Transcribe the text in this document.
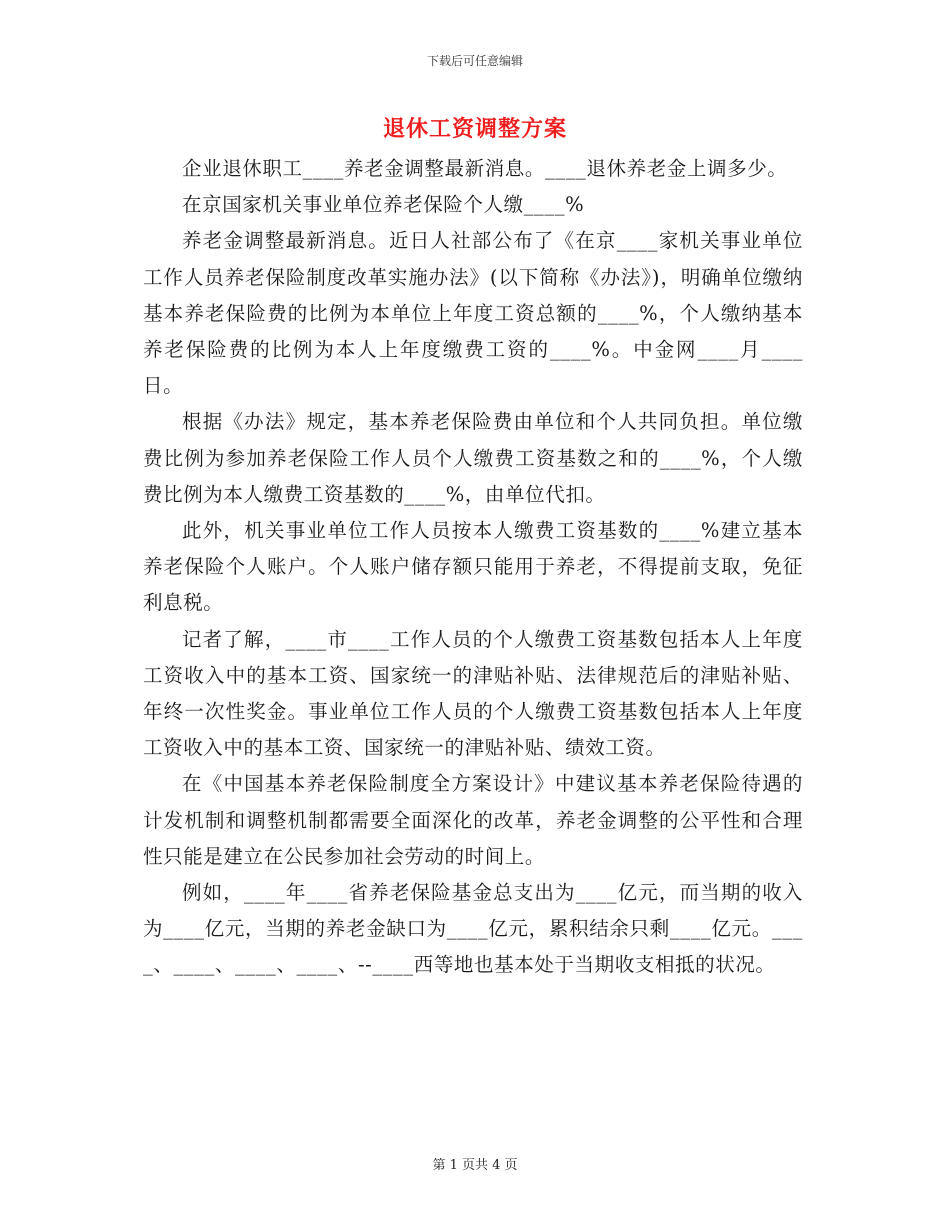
下载后可任意编辑
退休工资调整方案

企业退休职工____养老金调整最新消息。____退休养老金上调多少。

在京国家机关事业单位养老保险个人缴____%

养老金调整最新消息。近日人社部公布了《在京____家机关事业单位工作人员养老保险制度改革实施办法》(以下简称《办法》)，明确单位缴纳基本养老保险费的比例为本单位上年度工资总额的____%，个人缴纳基本养老保险费的比例为本人上年度缴费工资的____%。中金网____月____日。

根据《办法》规定，基本养老保险费由单位和个人共同负担。单位缴费比例为参加养老保险工作人员个人缴费工资基数之和的____%，个人缴费比例为本人缴费工资基数的____%，由单位代扣。

此外，机关事业单位工作人员按本人缴费工资基数的____%建立基本养老保险个人账户。个人账户储存额只能用于养老，不得提前支取，免征利息税。

记者了解，____市____工作人员的个人缴费工资基数包括本人上年度工资收入中的基本工资、国家统一的津贴补贴、法律规范后的津贴补贴、年终一次性奖金。事业单位工作人员的个人缴费工资基数包括本人上年度工资收入中的基本工资、国家统一的津贴补贴、绩效工资。

在《中国基本养老保险制度全方案设计》中建议基本养老保险待遇的计发机制和调整机制都需要全面深化的改革，养老金调整的公平性和合理性只能是建立在公民参加社会劳动的时间上。

例如，____年____省养老保险基金总支出为____亿元，而当期的收入为____亿元，当期的养老金缺口为____亿元，累积结余只剩____亿元。____、____、____、____、--____西等地也基本处于当期收支相抵的状况。

第 1 页共 4 页
